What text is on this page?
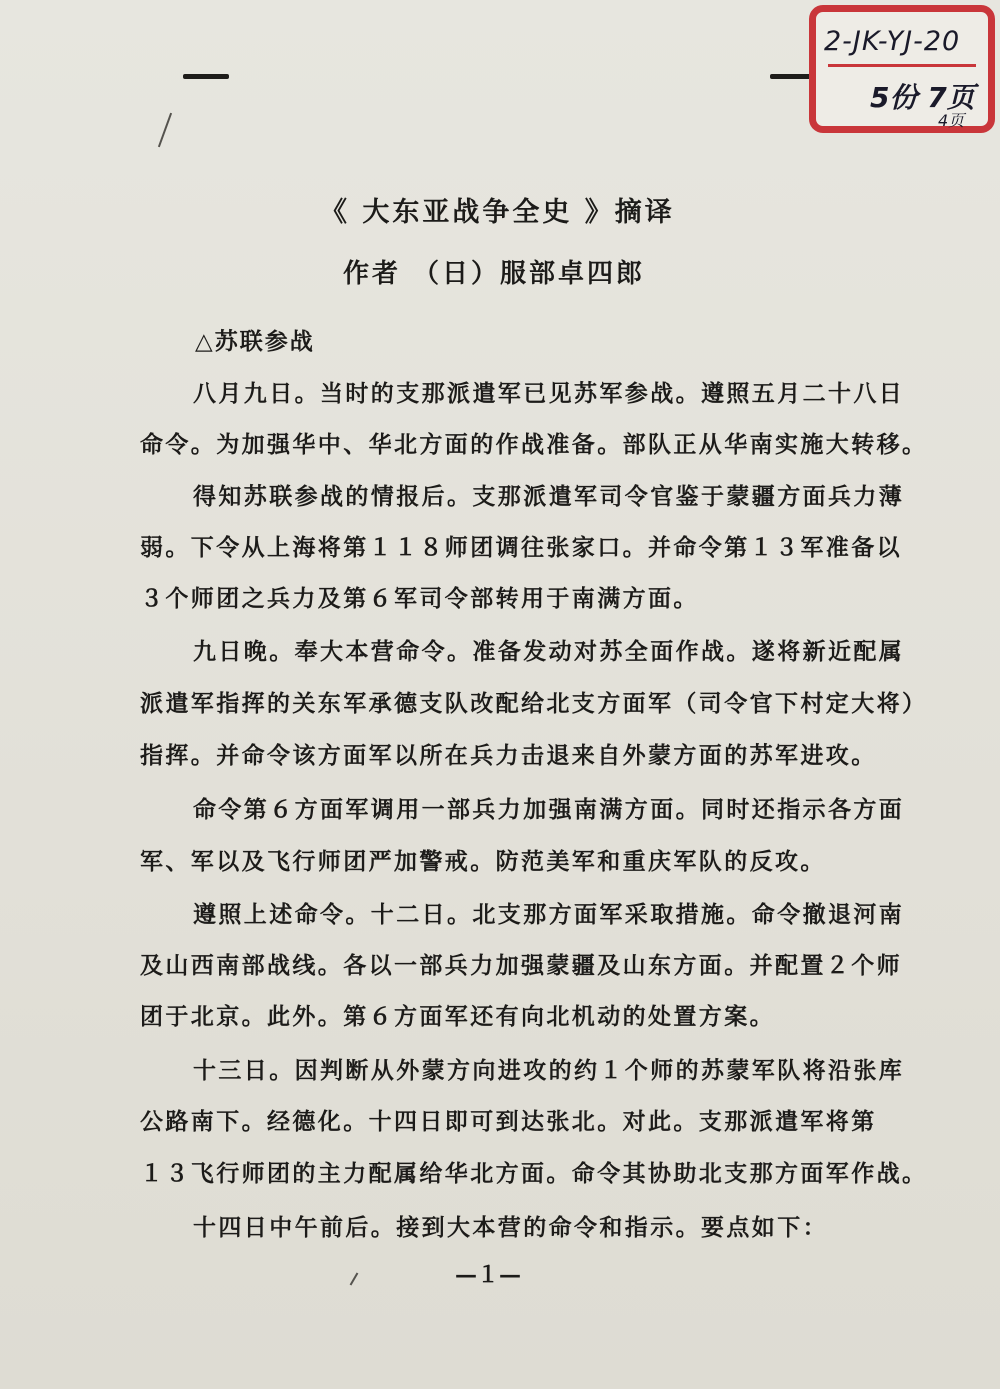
2-JK-YJ-20
5份 7页
4页
《 大东亚战争全史 》摘译
作者 （日）服部卓四郎
△苏联参战
八月九日。当时的支那派遣军已见苏军参战。遵照五月二十八日
命令。为加强华中、华北方面的作战准备。部队正从华南实施大转移。
得知苏联参战的情报后。支那派遣军司令官鉴于蒙疆方面兵力薄
弱。下令从上海将第１１８师团调往张家口。并命令第１３军准备以
３个师团之兵力及第６军司令部转用于南满方面。
九日晚。奉大本营命令。准备发动对苏全面作战。遂将新近配属
派遣军指挥的关东军承德支队改配给北支方面军（司令官下村定大将）
指挥。并命令该方面军以所在兵力击退来自外蒙方面的苏军进攻。
命令第６方面军调用一部兵力加强南满方面。同时还指示各方面
军、军以及飞行师团严加警戒。防范美军和重庆军队的反攻。
遵照上述命令。十二日。北支那方面军采取措施。命令撤退河南
及山西南部战线。各以一部兵力加强蒙疆及山东方面。并配置２个师
团于北京。此外。第６方面军还有向北机动的处置方案。
十三日。因判断从外蒙方向进攻的约１个师的苏蒙军队将沿张库
公路南下。经德化。十四日即可到达张北。对此。支那派遣军将第
１３飞行师团的主力配属给华北方面。命令其协助北支那方面军作战。
十四日中午前后。接到大本营的命令和指示。要点如下：
—１—
